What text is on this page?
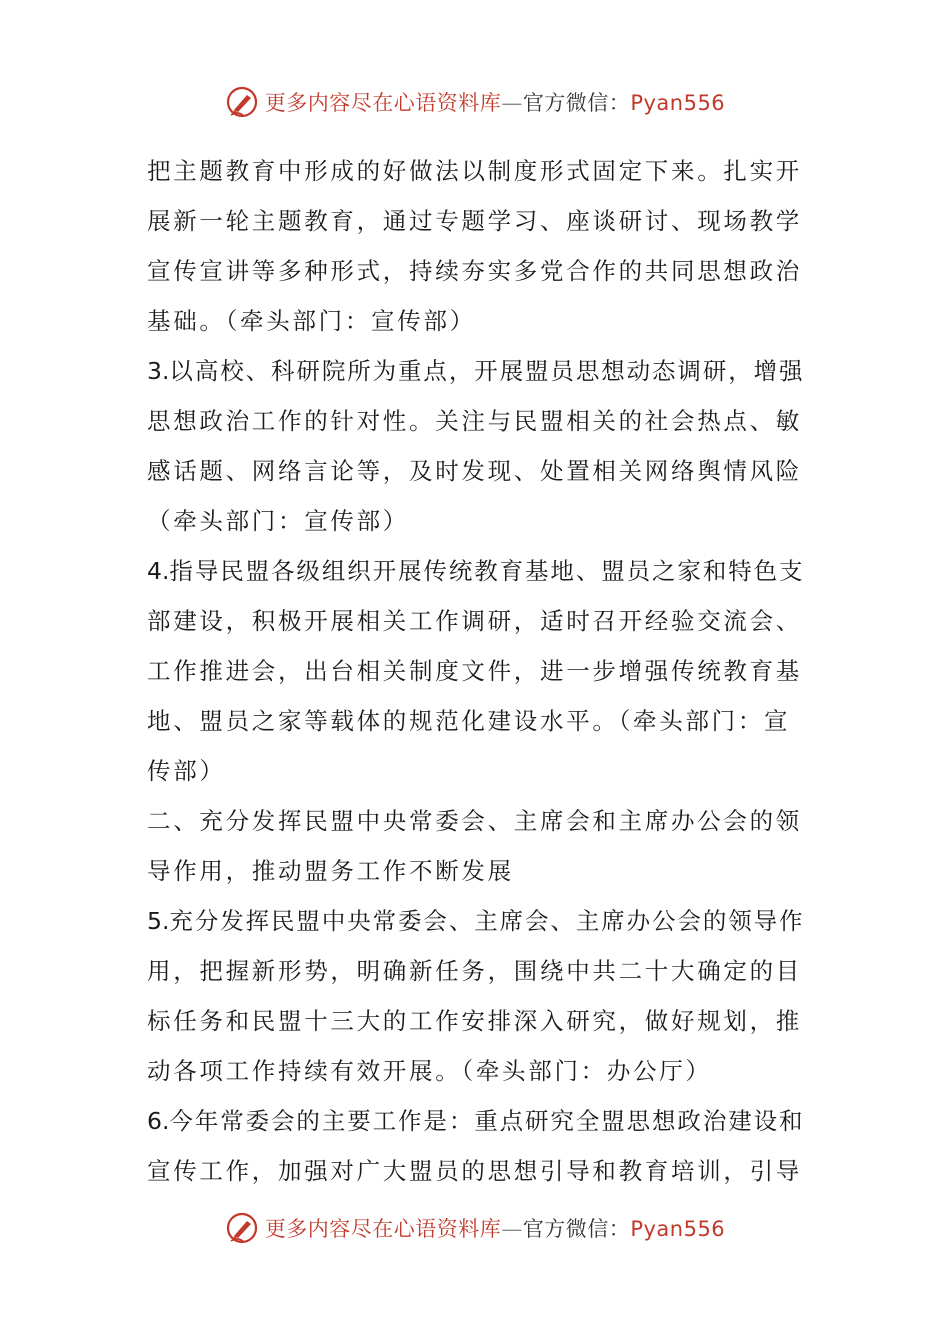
更多内容尽在心语资料库—官方微信：Pyan556
把主题教育中形成的好做法以制度形式固定下来。扎实开
展新一轮主题教育，通过专题学习、座谈研讨、现场教学
宣传宣讲等多种形式，持续夯实多党合作的共同思想政治
基础。（牵头部门：宣传部）
3.以高校、科研院所为重点，开展盟员思想动态调研，增强
思想政治工作的针对性。关注与民盟相关的社会热点、敏
感话题、网络言论等，及时发现、处置相关网络舆情风险
（牵头部门：宣传部）
4.指导民盟各级组织开展传统教育基地、盟员之家和特色支
部建设，积极开展相关工作调研，适时召开经验交流会、
工作推进会，出台相关制度文件，进一步增强传统教育基
地、盟员之家等载体的规范化建设水平。（牵头部门：宣
传部）
二、充分发挥民盟中央常委会、主席会和主席办公会的领
导作用，推动盟务工作不断发展
5.充分发挥民盟中央常委会、主席会、主席办公会的领导作
用，把握新形势，明确新任务，围绕中共二十大确定的目
标任务和民盟十三大的工作安排深入研究，做好规划，推
动各项工作持续有效开展。（牵头部门：办公厅）
6.今年常委会的主要工作是：重点研究全盟思想政治建设和
宣传工作，加强对广大盟员的思想引导和教育培训，引导
更多内容尽在心语资料库—官方微信：Pyan556
